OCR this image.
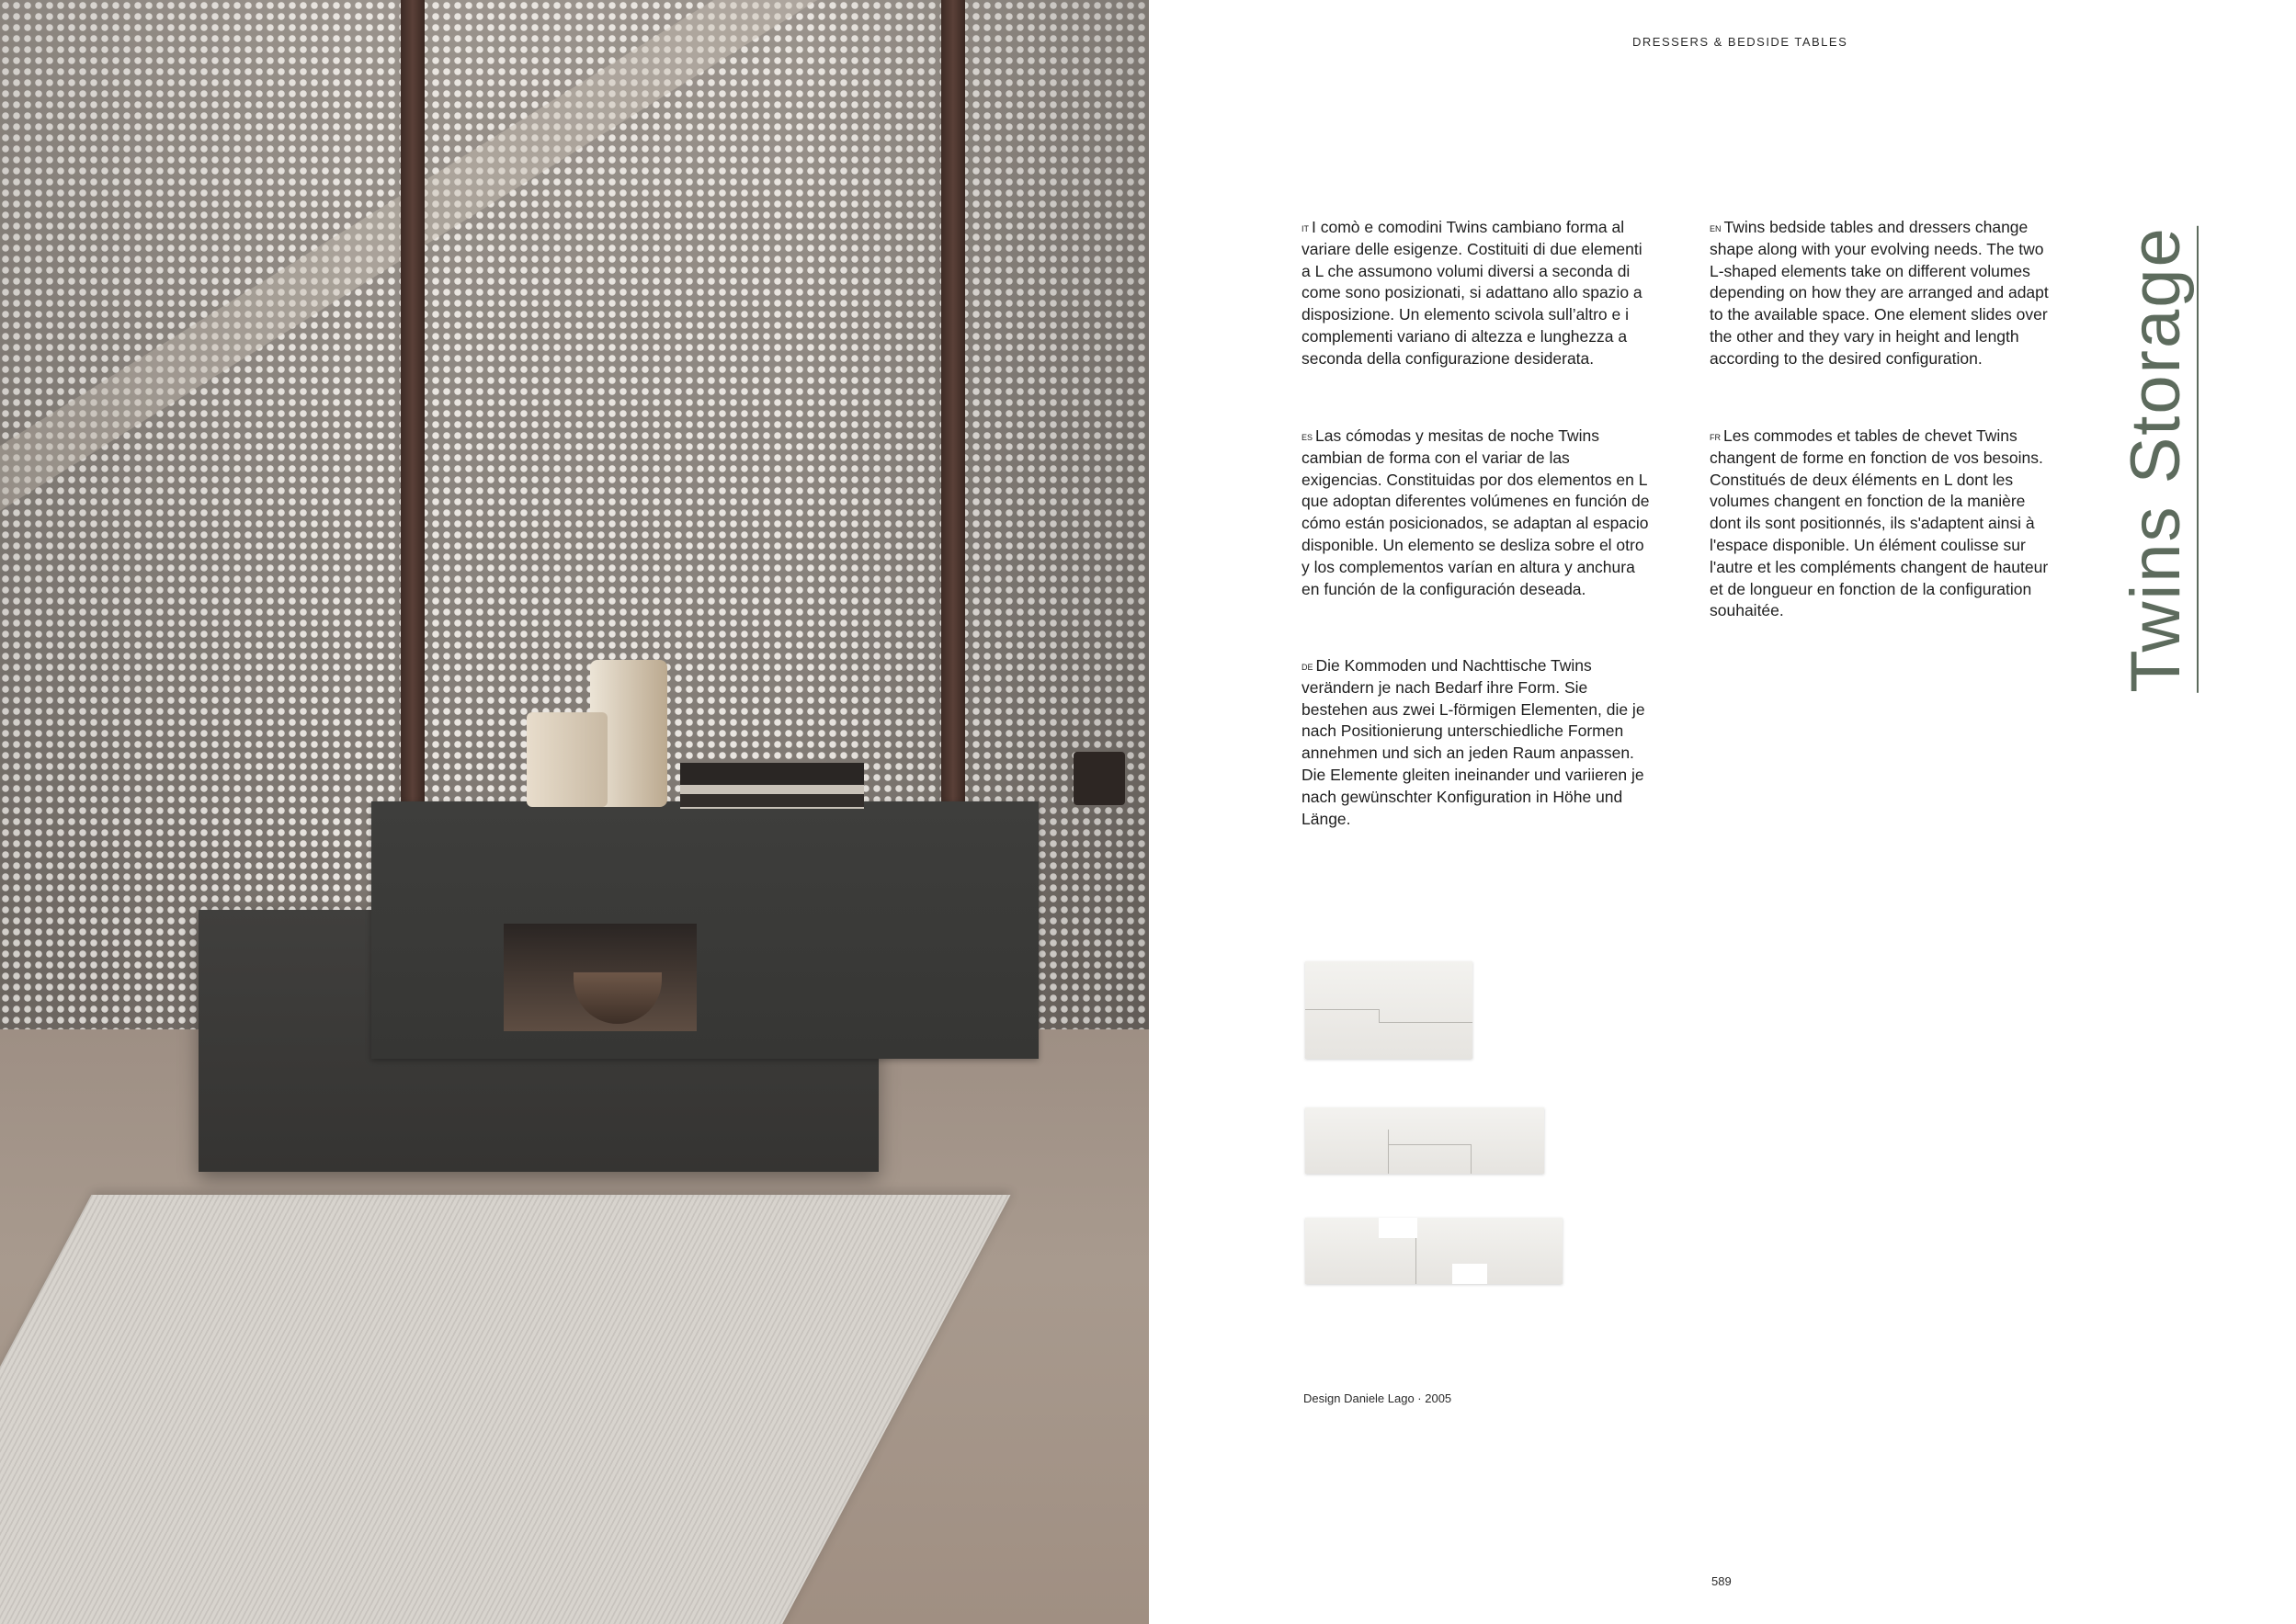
DRESSERS & BEDSIDE TABLES

$^{IT}$ I comò e comodini Twins cambiano forma al variare delle esigenze. Costituiti di due elementi a L che assumono volumi diversi a seconda di come sono posizionati, si adattano allo spazio a disposizione. Un elemento scivola sull’altro e i complementi variano di altezza e lunghezza a seconda della configurazione desiderata.

$^{EN}$ Twins bedside tables and dressers change shape along with your evolving needs. The two L-shaped elements take on different volumes depending on how they are arranged and adapt to the available space. One element slides over the other and they vary in height and length according to the desired configuration.

$^{ES}$ Las cómodas y mesitas de noche Twins cambian de forma con el variar de las exigencias. Constituidas por dos elementos en L que adoptan diferentes volúmenes en función de cómo están posicionados, se adaptan al espacio disponible. Un elemento se desliza sobre el otro y los complementos varían en altura y anchura en función de la configuración deseada.

$^{FR}$ Les commodes et tables de chevet Twins changent de forme en fonction de vos besoins. Constitués de deux éléments en L dont les volumes changent en fonction de la manière dont ils sont positionnés, ils s'adaptent ainsi à l'espace disponible. Un élément coulisse sur l'autre et les compléments changent de hauteur et de longueur en fonction de la configuration souhaitée.

$^{DE}$ Die Kommoden und Nachttische Twins verändern je nach Bedarf ihre Form. Sie bestehen aus zwei L-förmigen Elementen, die je nach Positionierung unterschiedliche Formen annehmen und sich an jeden Raum anpassen. Die Elemente gleiten ineinander und variieren je nach gewünschter Konfiguration in Höhe und Länge.

Twins Storage
Design Daniele Lago · 2005
589
